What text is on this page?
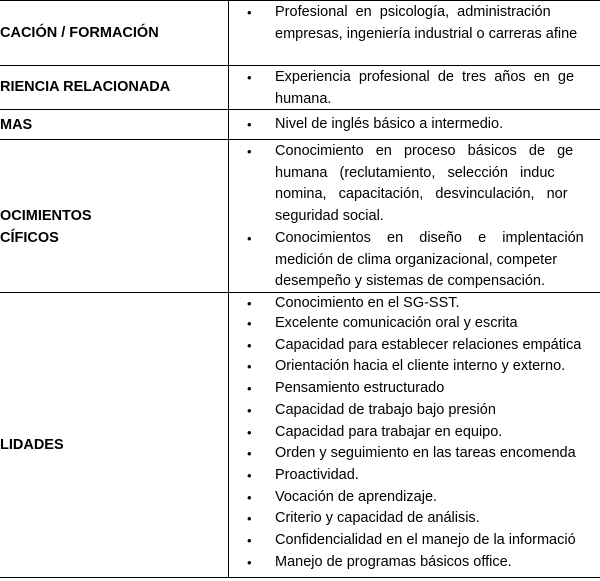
CACIÓN / FORMACIÓN
• Profesional  en  psicología,  administración
empresas, ingeniería industrial o carreras afine
RIENCIA RELACIONADA
• Experiencia  profesional  de  tres  años  en  ge
humana.
MAS	• Nivel de inglés básico a intermedio.
OCIMIENTOS
CÍFICOS
• Conocimiento   en   proceso   básicos   de   ge
humana   (reclutamiento,   selección   induc
nomina,   capacitación,   desvinculación,   nor
seguridad social.
• Conocimientos    en    diseño    e    implentación
medición de clima organizacional, competer
desempeño y sistemas de compensación.
• Conocimiento en el SG-SST.
LIDADES
• Excelente comunicación oral y escrita
• Capacidad para establecer relaciones empática
• Orientación hacia el cliente interno y externo.
• Pensamiento estructurado
• Capacidad de trabajo bajo presión
• Capacidad para trabajar en equipo.
• Orden y seguimiento en las tareas encomenda
• Proactividad.
• Vocación de aprendizaje.
• Criterio y capacidad de análisis.
• Confidencialidad en el manejo de la informació
• Manejo de programas básicos office.
